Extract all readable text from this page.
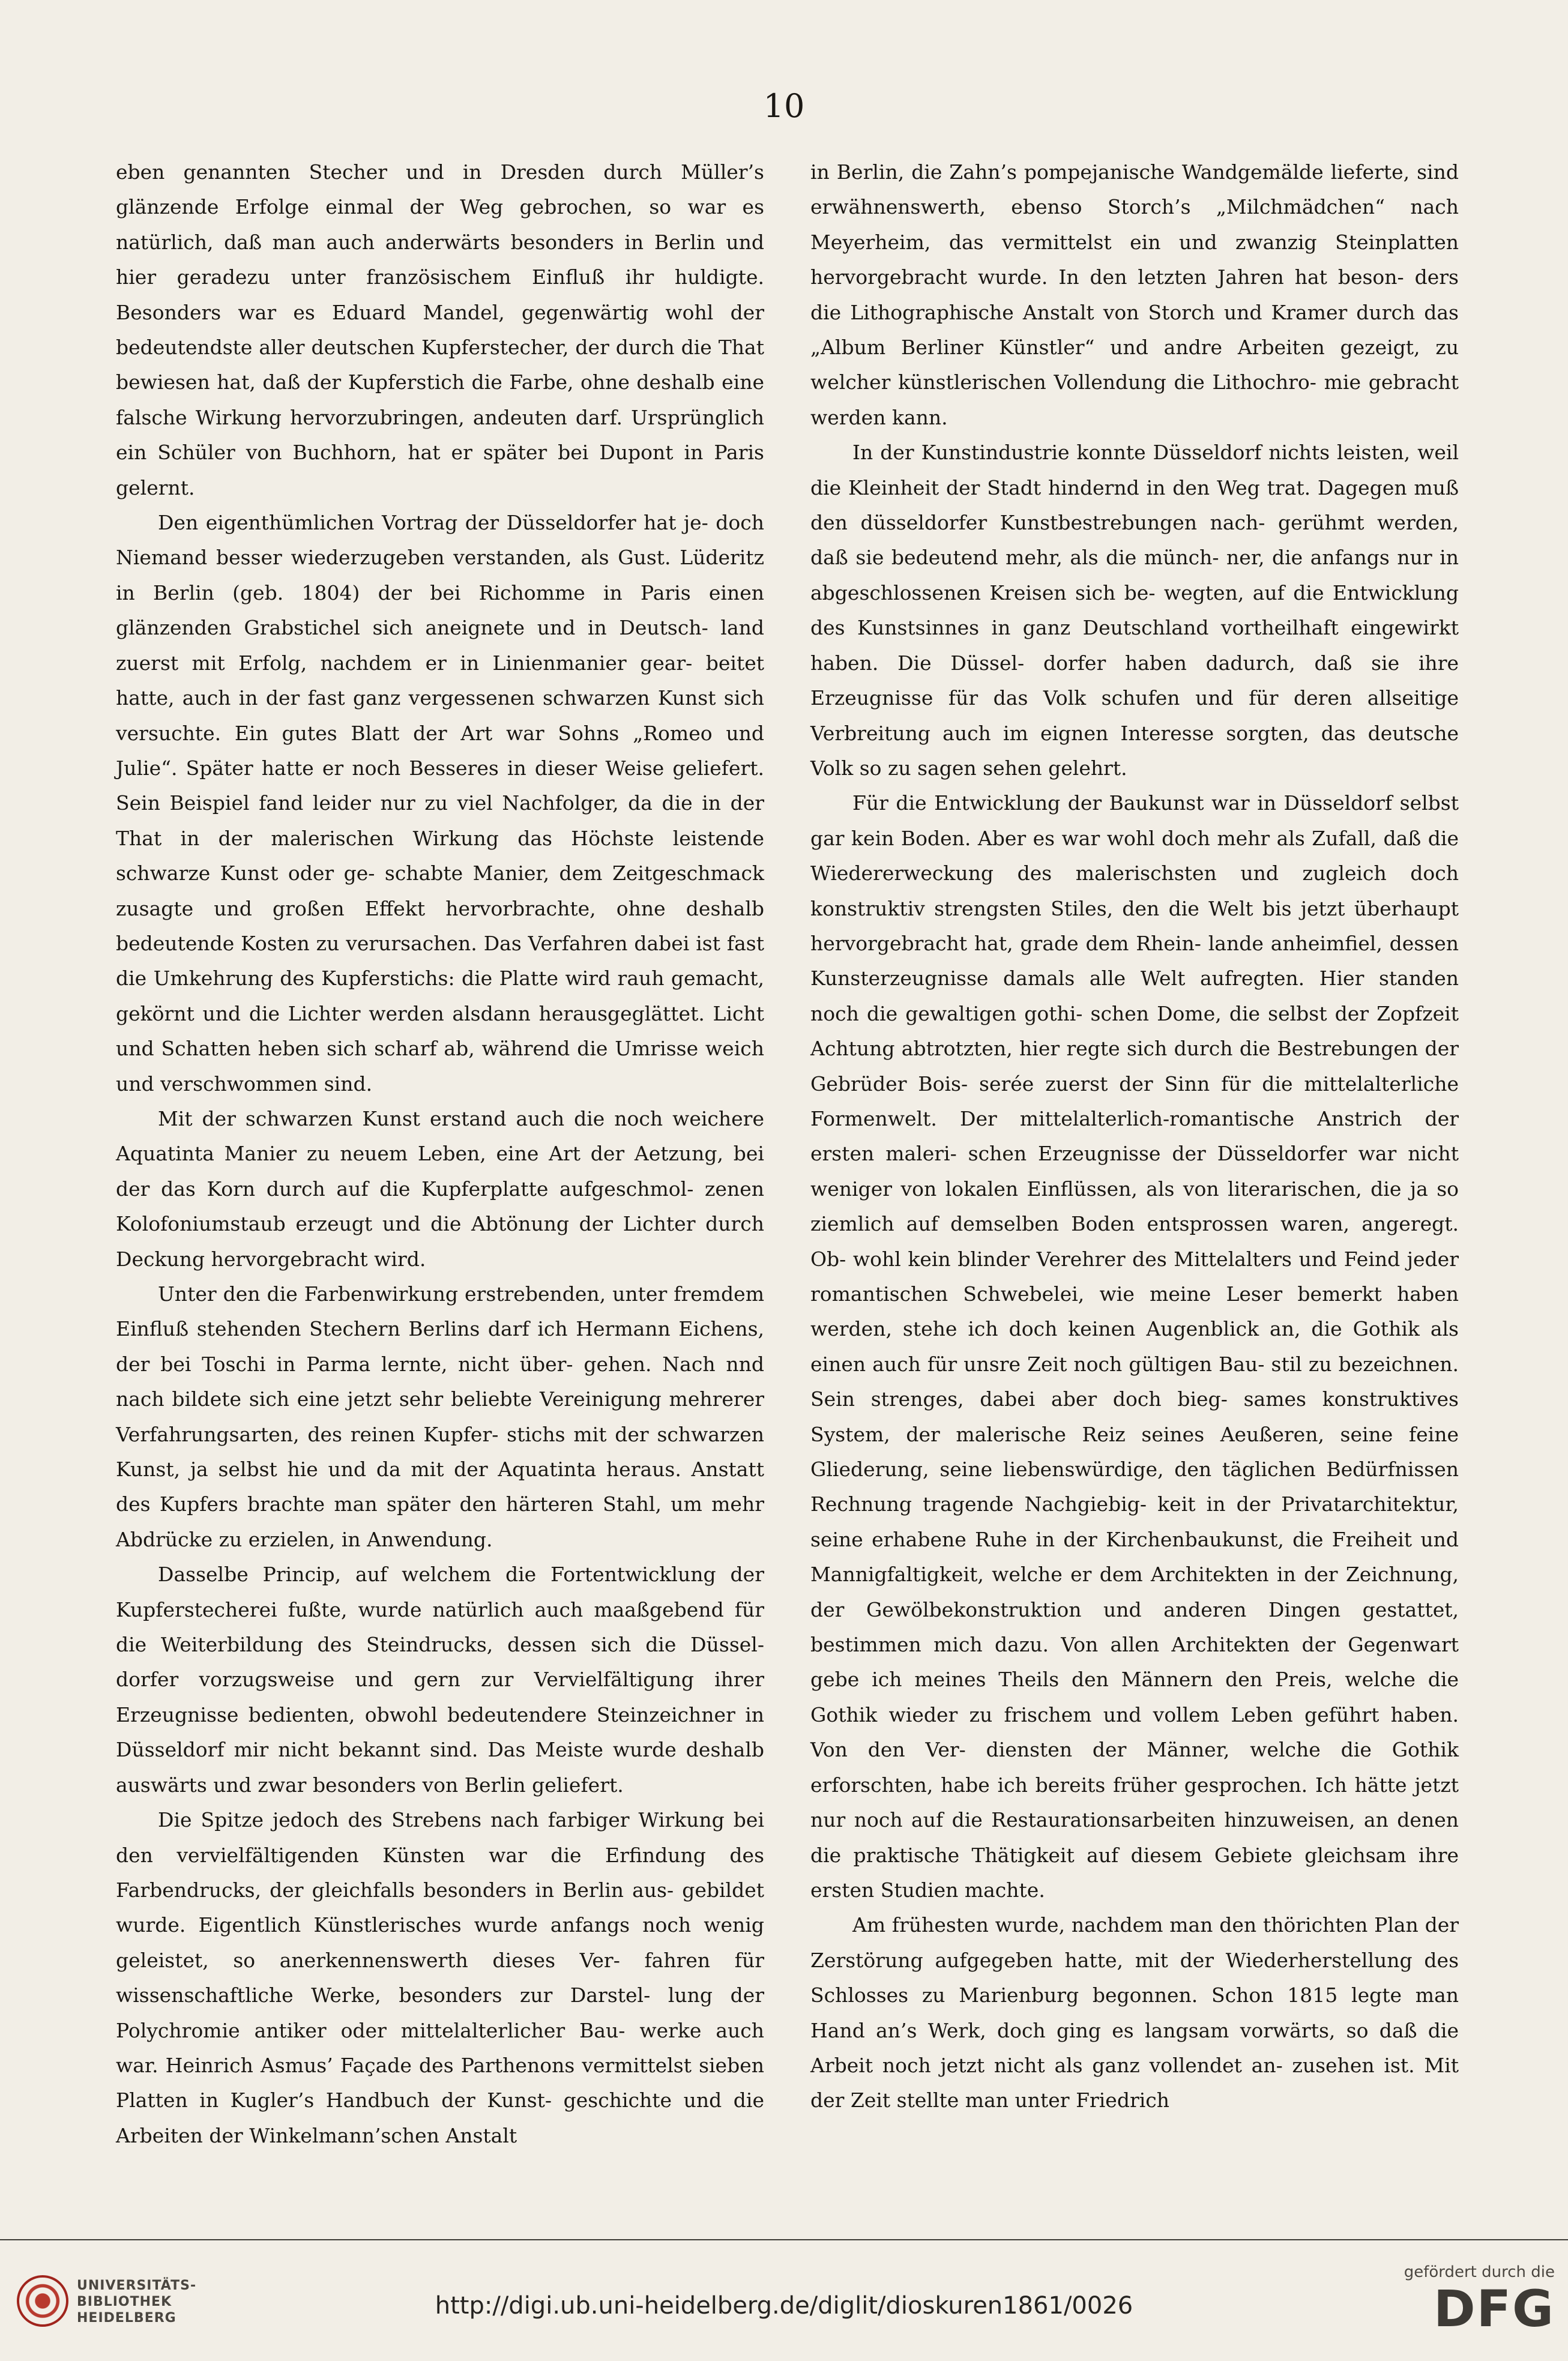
10

eben genannten Stecher und in Dresden durch Müller’s glänzende Erfolge einmal der Weg gebrochen, so war es natürlich, daß man auch anderwärts besonders in Berlin und hier geradezu unter französischem Einfluß ihr huldigte. Besonders war es Eduard Mandel, gegenwärtig wohl der bedeutendste aller deutschen Kupferstecher, der durch die That bewiesen hat, daß der Kupferstich die Farbe, ohne deshalb eine falsche Wirkung hervorzubringen, andeuten darf. Ursprünglich ein Schüler von Buchhorn, hat er später bei Dupont in Paris gelernt.

Den eigenthümlichen Vortrag der Düsseldorfer hat je- doch Niemand besser wiederzugeben verstanden, als Gust. Lüderitz in Berlin (geb. 1804) der bei Richomme in Paris einen glänzenden Grabstichel sich aneignete und in Deutsch- land zuerst mit Erfolg, nachdem er in Linienmanier gear- beitet hatte, auch in der fast ganz vergessenen schwarzen Kunst sich versuchte. Ein gutes Blatt der Art war Sohns „Romeo und Julie“. Später hatte er noch Besseres in dieser Weise geliefert. Sein Beispiel fand leider nur zu viel Nachfolger, da die in der That in der malerischen Wirkung das Höchste leistende schwarze Kunst oder ge- schabte Manier, dem Zeitgeschmack zusagte und großen Effekt hervorbrachte, ohne deshalb bedeutende Kosten zu verursachen. Das Verfahren dabei ist fast die Umkehrung des Kupferstichs: die Platte wird rauh gemacht, gekörnt und die Lichter werden alsdann herausgeglättet. Licht und Schatten heben sich scharf ab, während die Umrisse weich und verschwommen sind.

Mit der schwarzen Kunst erstand auch die noch weichere Aquatinta Manier zu neuem Leben, eine Art der Aetzung, bei der das Korn durch auf die Kupferplatte aufgeschmol- zenen Kolofoniumstaub erzeugt und die Abtönung der Lichter durch Deckung hervorgebracht wird.

Unter den die Farbenwirkung erstrebenden, unter fremdem Einfluß stehenden Stechern Berlins darf ich Hermann Eichens, der bei Toschi in Parma lernte, nicht über- gehen. Nach nnd nach bildete sich eine jetzt sehr beliebte Vereinigung mehrerer Verfahrungsarten, des reinen Kupfer- stichs mit der schwarzen Kunst, ja selbst hie und da mit der Aquatinta heraus. Anstatt des Kupfers brachte man später den härteren Stahl, um mehr Abdrücke zu erzielen, in Anwendung.

Dasselbe Princip, auf welchem die Fortentwicklung der Kupferstecherei fußte, wurde natürlich auch maaßgebend für die Weiterbildung des Steindrucks, dessen sich die Düssel- dorfer vorzugsweise und gern zur Vervielfältigung ihrer Erzeugnisse bedienten, obwohl bedeutendere Steinzeichner in Düsseldorf mir nicht bekannt sind. Das Meiste wurde deshalb auswärts und zwar besonders von Berlin geliefert.

Die Spitze jedoch des Strebens nach farbiger Wirkung bei den vervielfältigenden Künsten war die Erfindung des Farbendrucks, der gleichfalls besonders in Berlin aus- gebildet wurde. Eigentlich Künstlerisches wurde anfangs noch wenig geleistet, so anerkennenswerth dieses Ver- fahren für wissenschaftliche Werke, besonders zur Darstel- lung der Polychromie antiker oder mittelalterlicher Bau- werke auch war. Heinrich Asmus’ Façade des Parthenons vermittelst sieben Platten in Kugler’s Handbuch der Kunst- geschichte und die Arbeiten der Winkelmann’schen Anstalt

in Berlin, die Zahn’s pompejanische Wandgemälde lieferte, sind erwähnenswerth, ebenso Storch’s „Milchmädchen“ nach Meyerheim, das vermittelst ein und zwanzig Steinplatten hervorgebracht wurde. In den letzten Jahren hat beson- ders die Lithographische Anstalt von Storch und Kramer durch das „Album Berliner Künstler“ und andre Arbeiten gezeigt, zu welcher künstlerischen Vollendung die Lithochro- mie gebracht werden kann.

In der Kunstindustrie konnte Düsseldorf nichts leisten, weil die Kleinheit der Stadt hindernd in den Weg trat. Dagegen muß den düsseldorfer Kunstbestrebungen nach- gerühmt werden, daß sie bedeutend mehr, als die münch- ner, die anfangs nur in abgeschlossenen Kreisen sich be- wegten, auf die Entwicklung des Kunstsinnes in ganz Deutschland vortheilhaft eingewirkt haben. Die Düssel- dorfer haben dadurch, daß sie ihre Erzeugnisse für das Volk schufen und für deren allseitige Verbreitung auch im eignen Interesse sorgten, das deutsche Volk so zu sagen sehen gelehrt.

Für die Entwicklung der Baukunst war in Düsseldorf selbst gar kein Boden. Aber es war wohl doch mehr als Zufall, daß die Wiedererweckung des malerischsten und zugleich doch konstruktiv strengsten Stiles, den die Welt bis jetzt überhaupt hervorgebracht hat, grade dem Rhein- lande anheimfiel, dessen Kunsterzeugnisse damals alle Welt aufregten. Hier standen noch die gewaltigen gothi- schen Dome, die selbst der Zopfzeit Achtung abtrotzten, hier regte sich durch die Bestrebungen der Gebrüder Bois- serée zuerst der Sinn für die mittelalterliche Formenwelt. Der mittelalterlich-romantische Anstrich der ersten maleri- schen Erzeugnisse der Düsseldorfer war nicht weniger von lokalen Einflüssen, als von literarischen, die ja so ziemlich auf demselben Boden entsprossen waren, angeregt. Ob- wohl kein blinder Verehrer des Mittelalters und Feind jeder romantischen Schwebelei, wie meine Leser bemerkt haben werden, stehe ich doch keinen Augenblick an, die Gothik als einen auch für unsre Zeit noch gültigen Bau- stil zu bezeichnen. Sein strenges, dabei aber doch bieg- sames konstruktives System, der malerische Reiz seines Aeußeren, seine feine Gliederung, seine liebenswürdige, den täglichen Bedürfnissen Rechnung tragende Nachgiebig- keit in der Privatarchitektur, seine erhabene Ruhe in der Kirchenbaukunst, die Freiheit und Mannigfaltigkeit, welche er dem Architekten in der Zeichnung, der Gewölbekonstruktion und anderen Dingen gestattet, bestimmen mich dazu. Von allen Architekten der Gegenwart gebe ich meines Theils den Männern den Preis, welche die Gothik wieder zu frischem und vollem Leben geführt haben. Von den Ver- diensten der Männer, welche die Gothik erforschten, habe ich bereits früher gesprochen. Ich hätte jetzt nur noch auf die Restaurationsarbeiten hinzuweisen, an denen die praktische Thätigkeit auf diesem Gebiete gleichsam ihre ersten Studien machte.

Am frühesten wurde, nachdem man den thörichten Plan der Zerstörung aufgegeben hatte, mit der Wiederherstellung des Schlosses zu Marienburg begonnen. Schon 1815 legte man Hand an’s Werk, doch ging es langsam vorwärts, so daß die Arbeit noch jetzt nicht als ganz vollendet an- zusehen ist. Mit der Zeit stellte man unter Friedrich

UNIVERSITÄTS-
BIBLIOTHEK
HEIDELBERG	http://digi.ub.uni-heidelberg.de/diglit/dioskuren1861/0026
gefördert durch die
DFG
